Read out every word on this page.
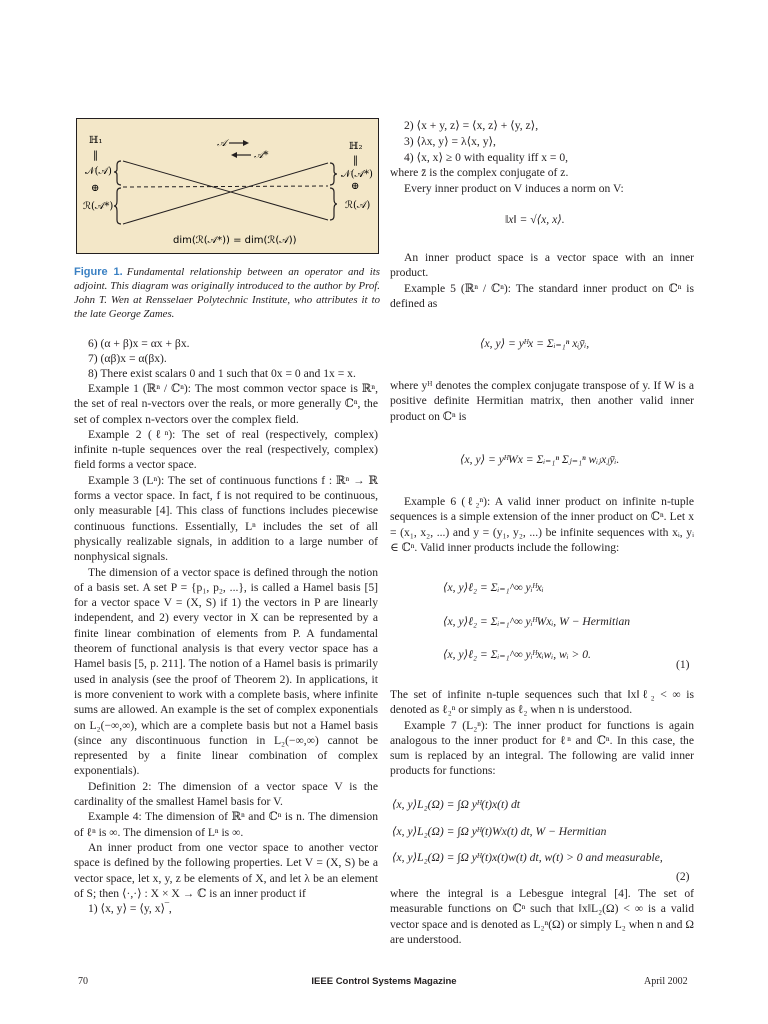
ℍ₁
‖
𝒩(𝒜)
⊕
ℛ(𝒜*)
ℍ₂
‖
𝒩(𝒜*)
⊕
ℛ(𝒜)
𝒜
𝒜*
dim(ℛ(𝒜*)) = dim(ℛ(𝒜))
Figure 1. Fundamental relationship between an operator and its adjoint. This diagram was originally introduced to the author by Prof. John T. Wen at Rensselaer Polytechnic Institute, who attributes it to the late George Zames.
6) (α + β)x = αx + βx.
7) (αβ)x = α(βx).
8) There exist scalars 0 and 1 such that 0x = 0 and 1x = x.

Example 1 (ℝⁿ / ℂⁿ): The most common vector space is ℝⁿ, the set of real n-vectors over the reals, or more generally ℂⁿ, the set of complex n-vectors over the complex field.

Example 2 (ℓⁿ): The set of real (respectively, complex) infinite n-tuple sequences over the real (respectively, complex) field forms a vector space.

Example 3 (Lⁿ): The set of continuous functions f : ℝⁿ → ℝ forms a vector space. In fact, f is not required to be continuous, only measurable [4]. This class of functions includes piecewise continuous functions. Essentially, Lⁿ includes the set of all physically realizable signals, in addition to a large number of nonphysical signals.

The dimension of a vector space is defined through the notion of a basis set. A set P = {p₁, p₂, ...}, is called a Hamel basis [5] for a vector space V = (X, S) if 1) the vectors in P are linearly independent, and 2) every vector in X can be represented by a finite linear combination of elements from P. A fundamental theorem of functional analysis is that every vector space has a Hamel basis [5, p. 211]. The notion of a Hamel basis is primarily used in analysis (see the proof of Theorem 2). In applications, it is more convenient to work with a complete basis, where infinite sums are allowed. An example is the set of complex exponentials on L₂(−∞,∞), which are a complete basis but not a Hamel basis (since any discontinuous function in L₂(−∞,∞) cannot be represented by a finite linear combination of complex exponentials).

Definition 2: The dimension of a vector space V is the cardinality of the smallest Hamel basis for V.

Example 4: The dimension of ℝⁿ and ℂⁿ is n. The dimension of ℓⁿ is ∞. The dimension of Lⁿ is ∞.

An inner product from one vector space to another vector space is defined by the following properties. Let V = (X, S) be a vector space, let x, y, z be elements of X, and let λ be an element of S; then ⟨·,·⟩ : X × X → ℂ is an inner product if

1) ⟨x, y⟩ = ⟨y, x⟩‾,

2) ⟨x + y, z⟩ = ⟨x, z⟩ + ⟨y, z⟩,
3) ⟨λx, y⟩ = λ⟨x, y⟩,
4) ⟨x, x⟩ ≥ 0 with equality iff x = 0,
where z̄ is the complex conjugate of z.
Every inner product on V induces a norm on V:
‖x‖ = √⟨x, x⟩.

An inner product space is a vector space with an inner product.

Example 5 (ℝⁿ / ℂⁿ): The standard inner product on ℂⁿ is defined as

⟨x, y⟩ = yᴴx = Σᵢ₌₁ⁿ xᵢȳᵢ,
where yᴴ denotes the complex conjugate transpose of y. If W is a positive definite Hermitian matrix, then another valid inner product on ℂⁿ is
⟨x, y⟩ = yᴴWx = Σᵢ₌₁ⁿ Σⱼ₌₁ⁿ wᵢⱼxⱼȳᵢ.

Example 6 (ℓ₂ⁿ): A valid inner product on infinite n-tuple sequences is a simple extension of the inner product on ℂⁿ. Let x = (x₁, x₂, ...) and y = (y₁, y₂, ...) be infinite sequences with xᵢ, yᵢ ∈ ℂⁿ. Valid inner products include the following:

⟨x, y⟩ℓ₂ = Σᵢ₌₁^∞ yᵢᴴxᵢ
⟨x, y⟩ℓ₂ = Σᵢ₌₁^∞ yᵢᴴWxᵢ, W − Hermitian
⟨x, y⟩ℓ₂ = Σᵢ₌₁^∞ yᵢᴴxᵢwᵢ, wᵢ > 0.
(1)

The set of infinite n-tuple sequences such that ‖x‖ℓ₂ < ∞ is denoted as ℓ₂ⁿ or simply as ℓ₂ when n is understood.

Example 7 (L₂ⁿ): The inner product for functions is again analogous to the inner product for ℓⁿ and ℂⁿ. In this case, the sum is replaced by an integral. The following are valid inner products for functions:

⟨x, y⟩L₂(Ω) = ∫Ω yᴴ(t)x(t) dt
⟨x, y⟩L₂(Ω) = ∫Ω yᴴ(t)Wx(t) dt, W − Hermitian
⟨x, y⟩L₂(Ω) = ∫Ω yᴴ(t)x(t)w(t) dt, w(t) > 0 and measurable,
(2)
where the integral is a Lebesgue integral [4]. The set of measurable functions on ℂⁿ such that ‖x‖L₂(Ω) < ∞ is a valid vector space and is denoted as L₂ⁿ(Ω) or simply L₂ when n and Ω are understood.
70	IEEE Control Systems Magazine	April 2002
